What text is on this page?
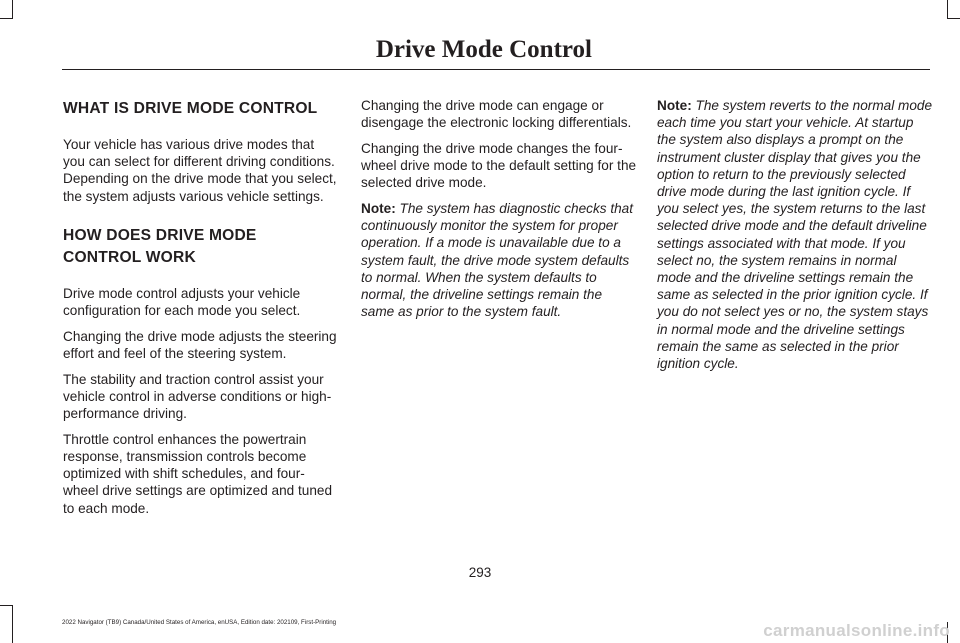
Drive Mode Control
WHAT IS DRIVE MODE CONTROL

Your vehicle has various drive modes that you can select for different driving conditions. Depending on the drive mode that you select, the system adjusts various vehicle settings.

HOW DOES DRIVE MODE
CONTROL WORK

Drive mode control adjusts your vehicle configuration for each mode you select.

Changing the drive mode adjusts the steering effort and feel of the steering system.

The stability and traction control assist your vehicle control in adverse conditions or high-performance driving.

Throttle control enhances the powertrain response, transmission controls become optimized with shift schedules, and four-wheel drive settings are optimized and tuned to each mode.

Changing the drive mode can engage or disengage the electronic locking differentials.

Changing the drive mode changes the four-wheel drive mode to the default setting for the selected drive mode.

Note: The system has diagnostic checks that continuously monitor the system for proper operation. If a mode is unavailable due to a system fault, the drive mode system defaults to normal. When the system defaults to normal, the driveline settings remain the same as prior to the system fault.

Note: The system reverts to the normal mode each time you start your vehicle. At startup the system also displays a prompt on the instrument cluster display that gives you the option to return to the previously selected drive mode during the last ignition cycle. If you select yes, the system returns to the last selected drive mode and the default driveline settings associated with that mode. If you select no, the system remains in normal mode and the driveline settings remain the same as selected in the prior ignition cycle. If you do not select yes or no, the system stays in normal mode and the driveline settings remain the same as selected in the prior ignition cycle.

293
2022 Navigator (TB9) Canada/United States of America, enUSA, Edition date: 202109, First-Printing	carmanualsonline.info
